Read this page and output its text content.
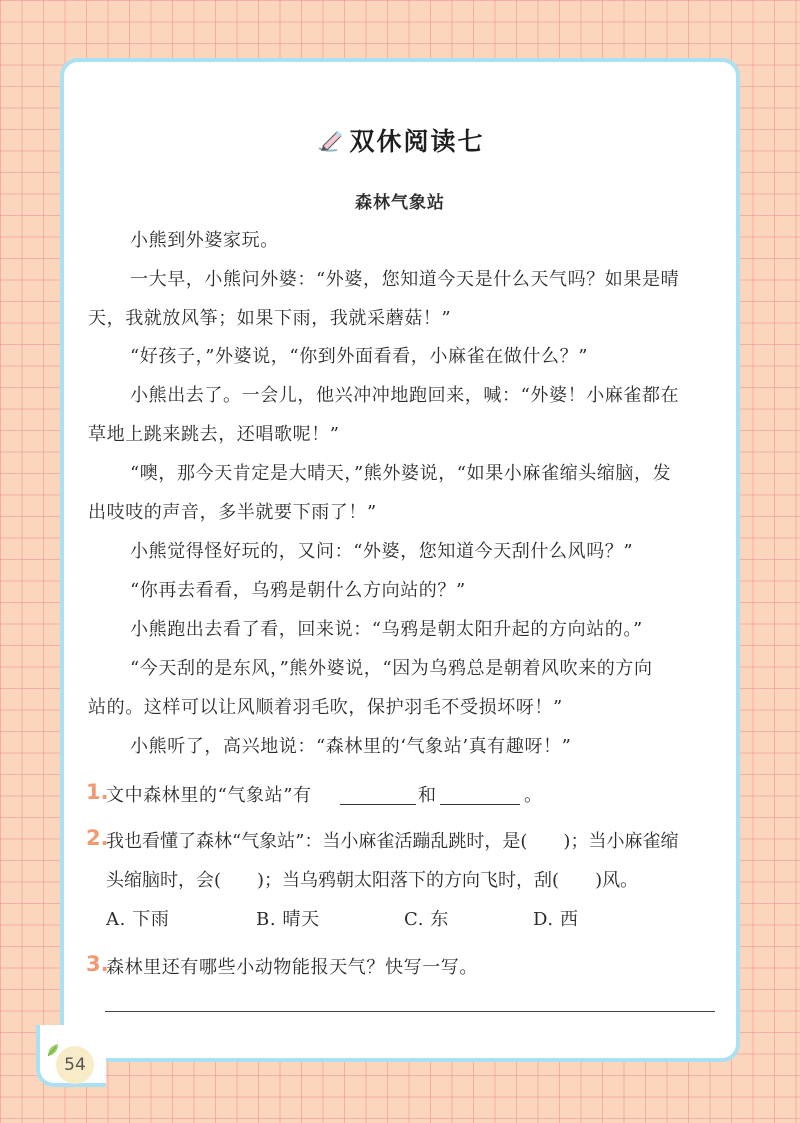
双休阅读七
森林气象站
小熊到外婆家玩。
一大早，小熊问外婆：“外婆，您知道今天是什么天气吗？如果是晴
天，我就放风筝；如果下雨，我就采蘑菇！”
“好孩子，”外婆说，“你到外面看看，小麻雀在做什么？”
小熊出去了。一会儿，他兴冲冲地跑回来，喊：“外婆！小麻雀都在
草地上跳来跳去，还唱歌呢！”
“噢，那今天肯定是大晴天，”熊外婆说，“如果小麻雀缩头缩脑，发
出吱吱的声音，多半就要下雨了！”
小熊觉得怪好玩的，又问：“外婆，您知道今天刮什么风吗？”
“你再去看看，乌鸦是朝什么方向站的？”
小熊跑出去看了看，回来说：“乌鸦是朝太阳升起的方向站的。”
“今天刮的是东风，”熊外婆说，“因为乌鸦总是朝着风吹来的方向
站的。这样可以让风顺着羽毛吹，保护羽毛不受损坏呀！”
小熊听了，高兴地说：“森林里的‘气象站’真有趣呀！”
1.
文中森林里的“气象站”有	和	。
2.
我也看懂了森林“气象站”：当小麻雀活蹦乱跳时，是(　　)；当小麻雀缩
头缩脑时，会(　　)；当乌鸦朝太阳落下的方向飞时，刮(　　)风。
A. 下雨	B. 晴天	C. 东	D. 西
3.
森林里还有哪些小动物能报天气？快写一写。
54
